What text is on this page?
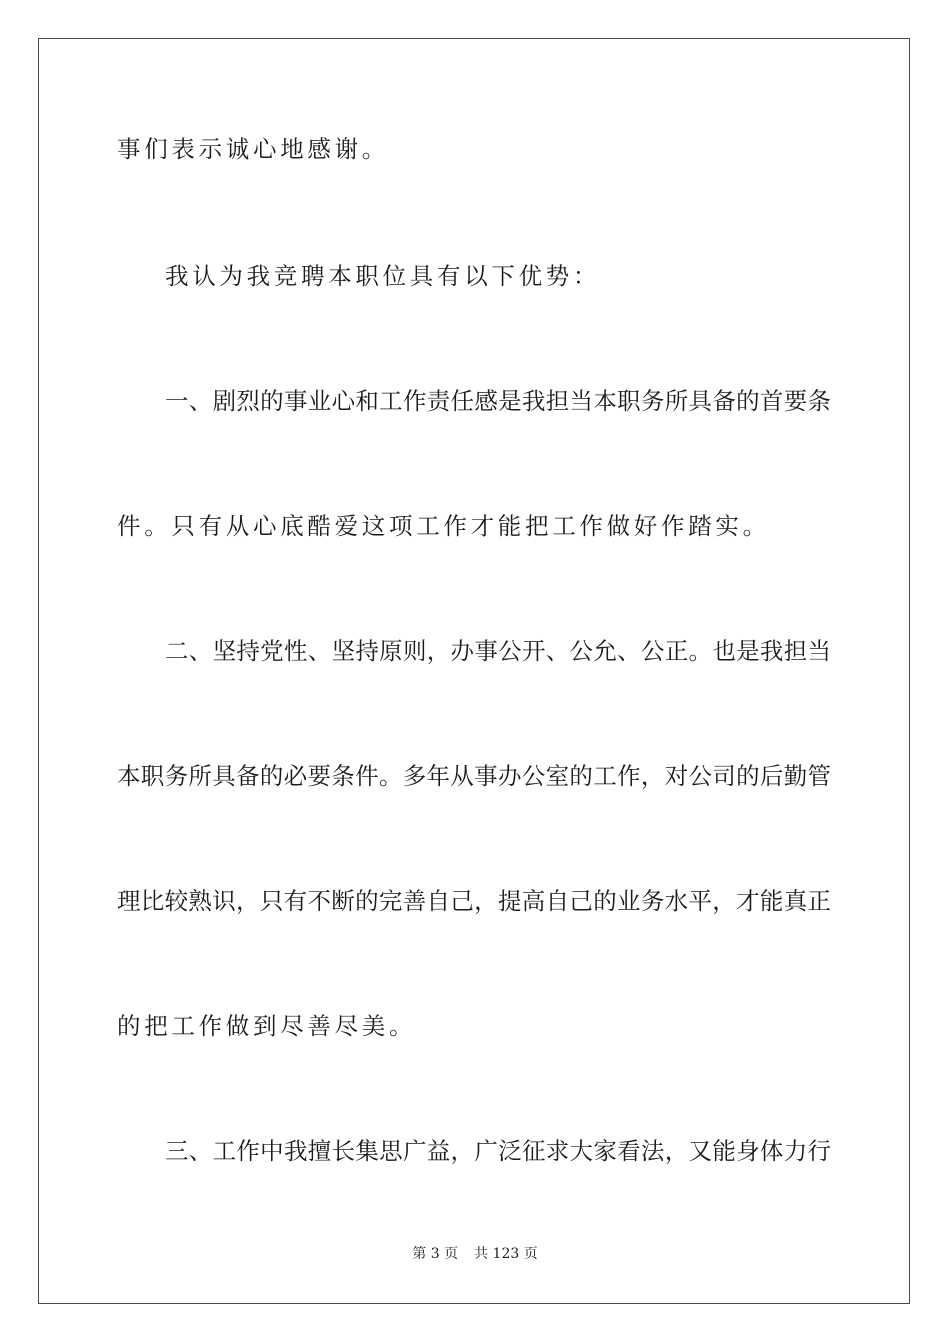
事们表示诚心地感谢。
我认为我竞聘本职位具有以下优势：
一、剧烈的事业心和工作责任感是我担当本职务所具备的首要条
件。只有从心底酷爱这项工作才能把工作做好作踏实。
二、坚持党性、坚持原则，办事公开、公允、公正。也是我担当
本职务所具备的必要条件。多年从事办公室的工作，对公司的后勤管
理比较熟识，只有不断的完善自己，提高自己的业务水平，才能真正
的把工作做到尽善尽美。
三、工作中我擅长集思广益，广泛征求大家看法，又能身体力行
第 3 页 共 123 页
